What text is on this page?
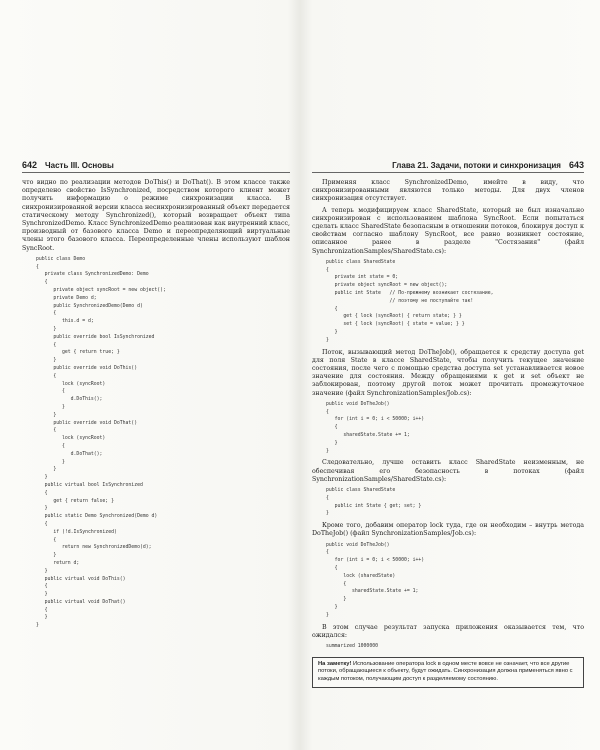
642 Часть III. Основы

что видно по реализации методов DoThis() и DoThat(). В этом классе также определено свойство IsSynchronized, посредством которого клиент может получить информацию о режиме синхронизации класса. В синхронизированной версии класса несинхронизированный объект передается статическому методу Synchronized(), который возвращает объект типа SynchronizedDemo. Класс SynchronizedDemo реализован как внутренний класс, производный от базового класса Demo и переопределяющий виртуальные члены этого базового класса. Переопределенные члены используют шаблон SyncRoot.

public class Demo
{
private class SynchronizedDemo: Demo
{
private object syncRoot = new object();
private Demo d;
public SynchronizedDemo(Demo d)
{
this.d = d;
}
public override bool IsSynchronized
{
get { return true; }
}
public override void DoThis()
{
lock (syncRoot)
{
d.DoThis();
}
}
public override void DoThat()
{
lock (syncRoot)
{
d.DoThat();
}
}
}
public virtual bool IsSynchronized
{
get { return false; }
}
public static Demo Synchronized(Demo d)
{
if (!d.IsSynchronized)
{
return new SynchronizedDemo(d);
}
return d;
}
public virtual void DoThis()
{
}
public virtual void DoThat()
{
}
}
Глава 21. Задачи, потоки и синхронизация 643

Применяя класс SynchronizedDemo, имейте в виду, что синхронизированными являются только методы. Для двух членов синхронизация отсутствует.

А теперь модифицируем класс SharedState, который не был изначально синхронизирован с использованием шаблона SyncRoot. Если попытаться сделать класс SharedState безопасным в отношении потоков, блокируя доступ к свойствам согласно шаблону SyncRoot, все равно возникнет состояние, описанное ранее в разделе "Состязания" (файл SynchronizationSamples/SharedState.cs):

public class SharedState
{
private int state = 0;
private object syncRoot = new object();
public int State   // По-прежнему возникает состязание,
// поэтому не поступайте так!
{
get { lock (syncRoot) { return state; } }
set { lock (syncRoot) { state = value; } }
}
}

Поток, вызывающий метод DoTheJob(), обращается к средству доступа get для поля State в классе SharedState, чтобы получить текущее значение состояния, после чего с помощью средства доступа set устанавливается новое значение для состояния. Между обращениями к get и set объект не заблокирован, поэтому другой поток может прочитать промежуточное значение (файл SynchronizationSamples/Job.cs):

public void DoTheJob()
{
for (int i = 0; i < 50000; i++)
{
sharedState.State += 1;
}
}

Следовательно, лучше оставить класс SharedState неизменным, не обеспечивая его безопасность в потоках (файл SynchronizationSamples/SharedState.cs):

public class SharedState
{
public int State { get; set; }
}

Кроме того, добавим оператор lock туда, где он необходим – внутрь метода DoTheJob() (файл SynchronizationSamples/Job.cs):

public void DoTheJob()
{
for (int i = 0; i < 50000; i++)
{
lock (sharedState)
{
sharedState.State += 1;
}
}
}

В этом случае результат запуска приложения оказывается тем, что ожидался:

summarized 1000000
На заметку! Использование оператора lock в одном месте вовсе не означает, что все другие потоки, обращающиеся к объекту, будут ожидать. Синхронизация должна применяться явно с каждым потоком, получающим доступ к разделяемому состоянию.
